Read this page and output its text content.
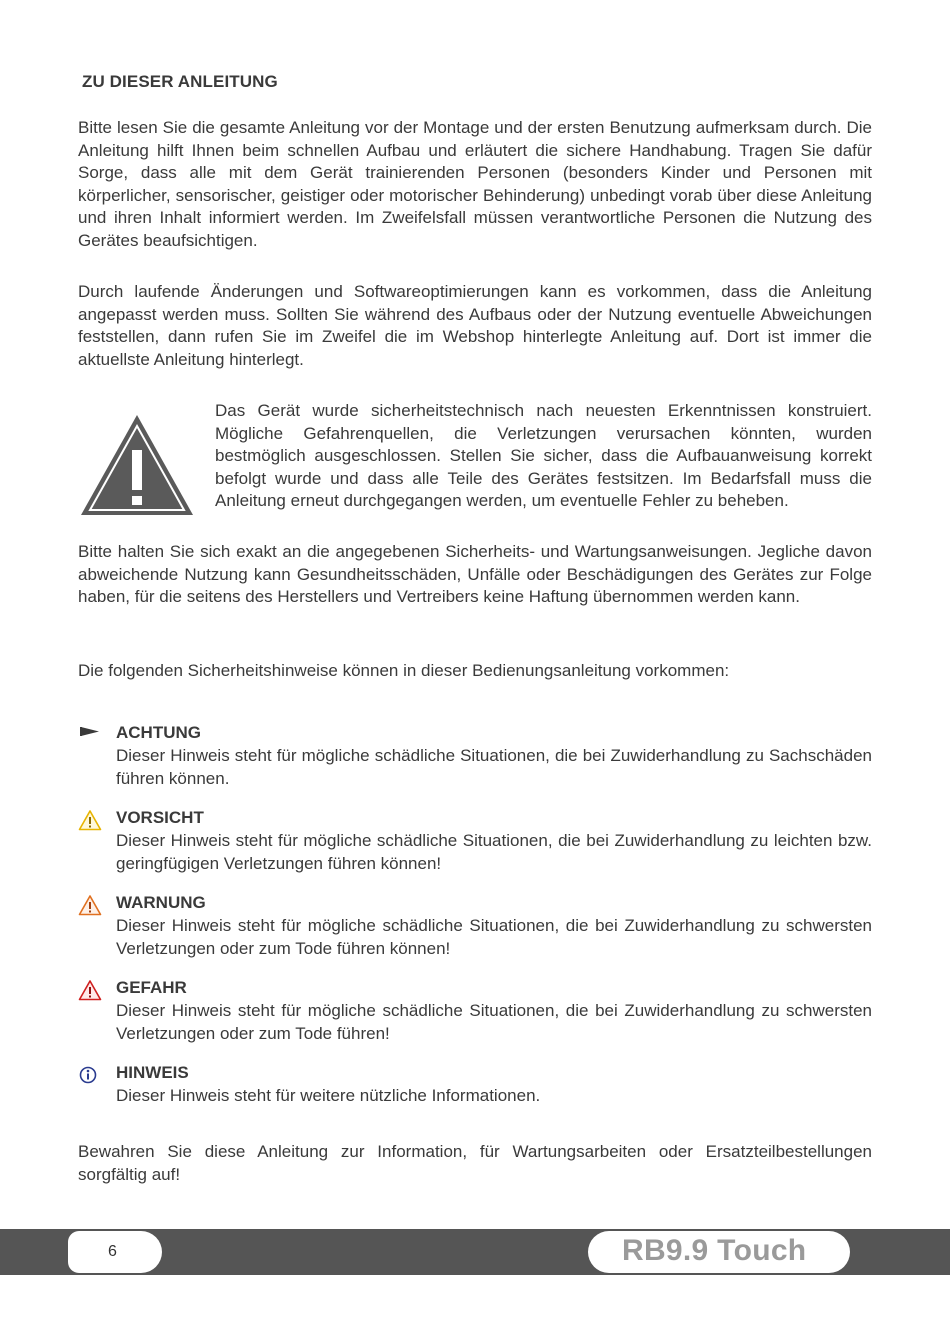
ZU DIESER ANLEITUNG

Bitte lesen Sie die gesamte Anleitung vor der Montage und der ersten Benutzung aufmerksam durch. Die Anleitung hilft Ihnen beim schnellen Aufbau und erläutert die sichere Handhabung. Tragen Sie dafür Sorge, dass alle mit dem Gerät trainierenden Personen (besonders Kinder und Personen mit körperlicher, sensorischer, geistiger oder motorischer Behinderung) unbedingt vorab über diese Anleitung und ihren Inhalt informiert werden. Im Zweifelsfall müssen verantwortliche Personen die Nutzung des Gerätes beaufsichtigen.

Durch laufende Änderungen und Softwareoptimierungen kann es vorkommen, dass die Anleitung angepasst werden muss. Sollten Sie während des Aufbaus oder der Nutzung eventuelle Abweichungen feststellen, dann rufen Sie im Zweifel die im Webshop hinterlegte Anleitung auf. Dort ist immer die aktuellste Anleitung hinterlegt.

Das Gerät wurde sicherheitstechnisch nach neuesten Erkenntnissen konstruiert. Mögliche Gefahrenquellen, die Verletzungen verursachen könnten, wurden bestmöglich ausgeschlossen. Stellen Sie sicher, dass die Aufbauanweisung korrekt befolgt wurde und dass alle Teile des Gerätes festsitzen. Im Bedarfsfall muss die Anleitung erneut durchgegangen werden, um eventuelle Fehler zu beheben.

Bitte halten Sie sich exakt an die angegebenen Sicherheits- und Wartungsanweisungen. Jegliche davon abweichende Nutzung kann Gesundheitsschäden, Unfälle oder Beschädigungen des Gerätes zur Folge haben, für die seitens des Herstellers und Vertreibers keine Haftung übernommen werden kann.

Die folgenden Sicherheitshinweise können in dieser Bedienungsanleitung vorkommen:

ACHTUNG

Dieser Hinweis steht für mögliche schädliche Situationen, die bei Zuwiderhandlung zu Sachschäden führen können.

VORSICHT

Dieser Hinweis steht für mögliche schädliche Situationen, die bei Zuwiderhandlung zu leichten bzw. geringfügigen Verletzungen führen können!

WARNUNG

Dieser Hinweis steht für mögliche schädliche Situationen, die bei Zuwiderhandlung zu schwersten Verletzungen oder zum Tode führen können!

GEFAHR

Dieser Hinweis steht für mögliche schädliche Situationen, die bei Zuwiderhandlung zu schwersten Verletzungen oder zum Tode führen!

HINWEIS

Dieser Hinweis steht für weitere nützliche Informationen.

Bewahren Sie diese Anleitung zur Information, für Wartungsarbeiten oder Ersatzteilbestellungen sorgfältig auf!

6	RB9.9 Touch
